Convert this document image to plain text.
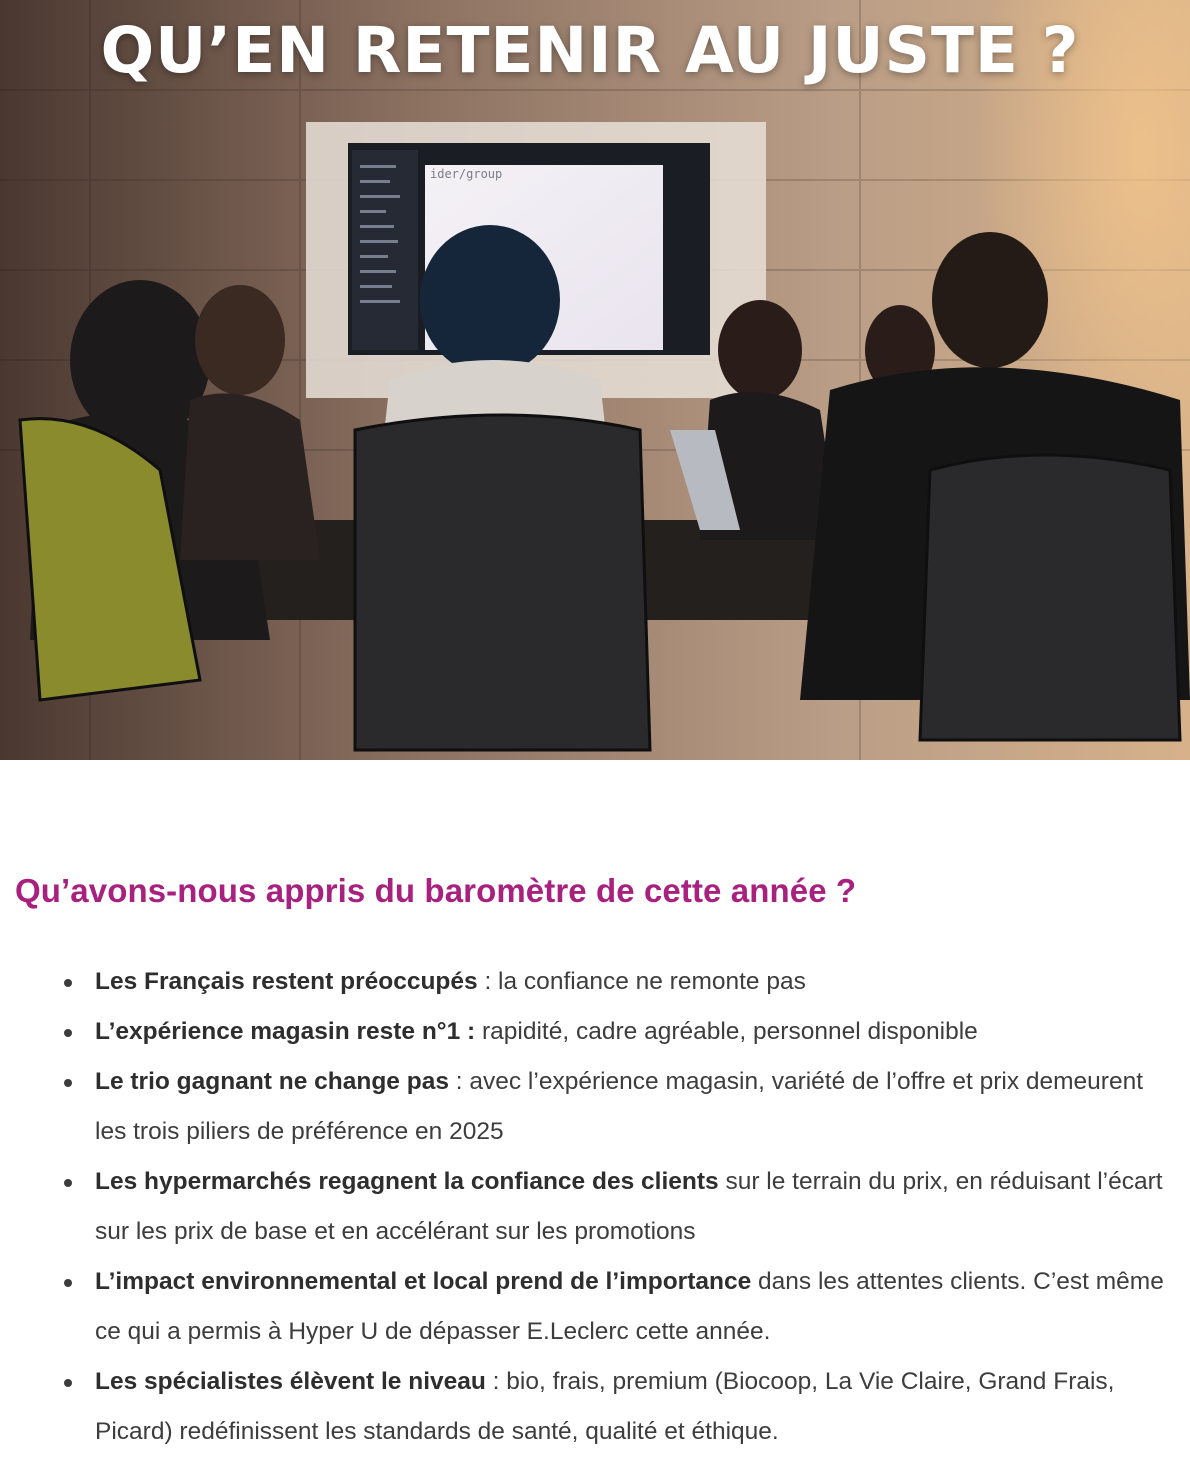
ider/group
QU’EN RETENIR AU JUSTE ?
Qu’avons-nous appris du baromètre de cette année ?
Les Français restent préoccupés : la confiance ne remonte pas
L’expérience magasin reste n°1 : rapidité, cadre agréable, personnel disponible
Le trio gagnant ne change pas : avec l’expérience magasin, variété de l’offre et prix demeurent les trois piliers de préférence en 2025
Les hypermarchés regagnent la confiance des clients sur le terrain du prix, en réduisant l’écart sur les prix de base et en accélérant sur les promotions
L’impact environnemental et local prend de l’importance dans les attentes clients. C’est même ce qui a permis à Hyper U de dépasser E.Leclerc cette année.
Les spécialistes élèvent le niveau : bio, frais, premium (Biocoop, La Vie Claire, Grand Frais, Picard) redéfinissent les standards de santé, qualité et éthique.
